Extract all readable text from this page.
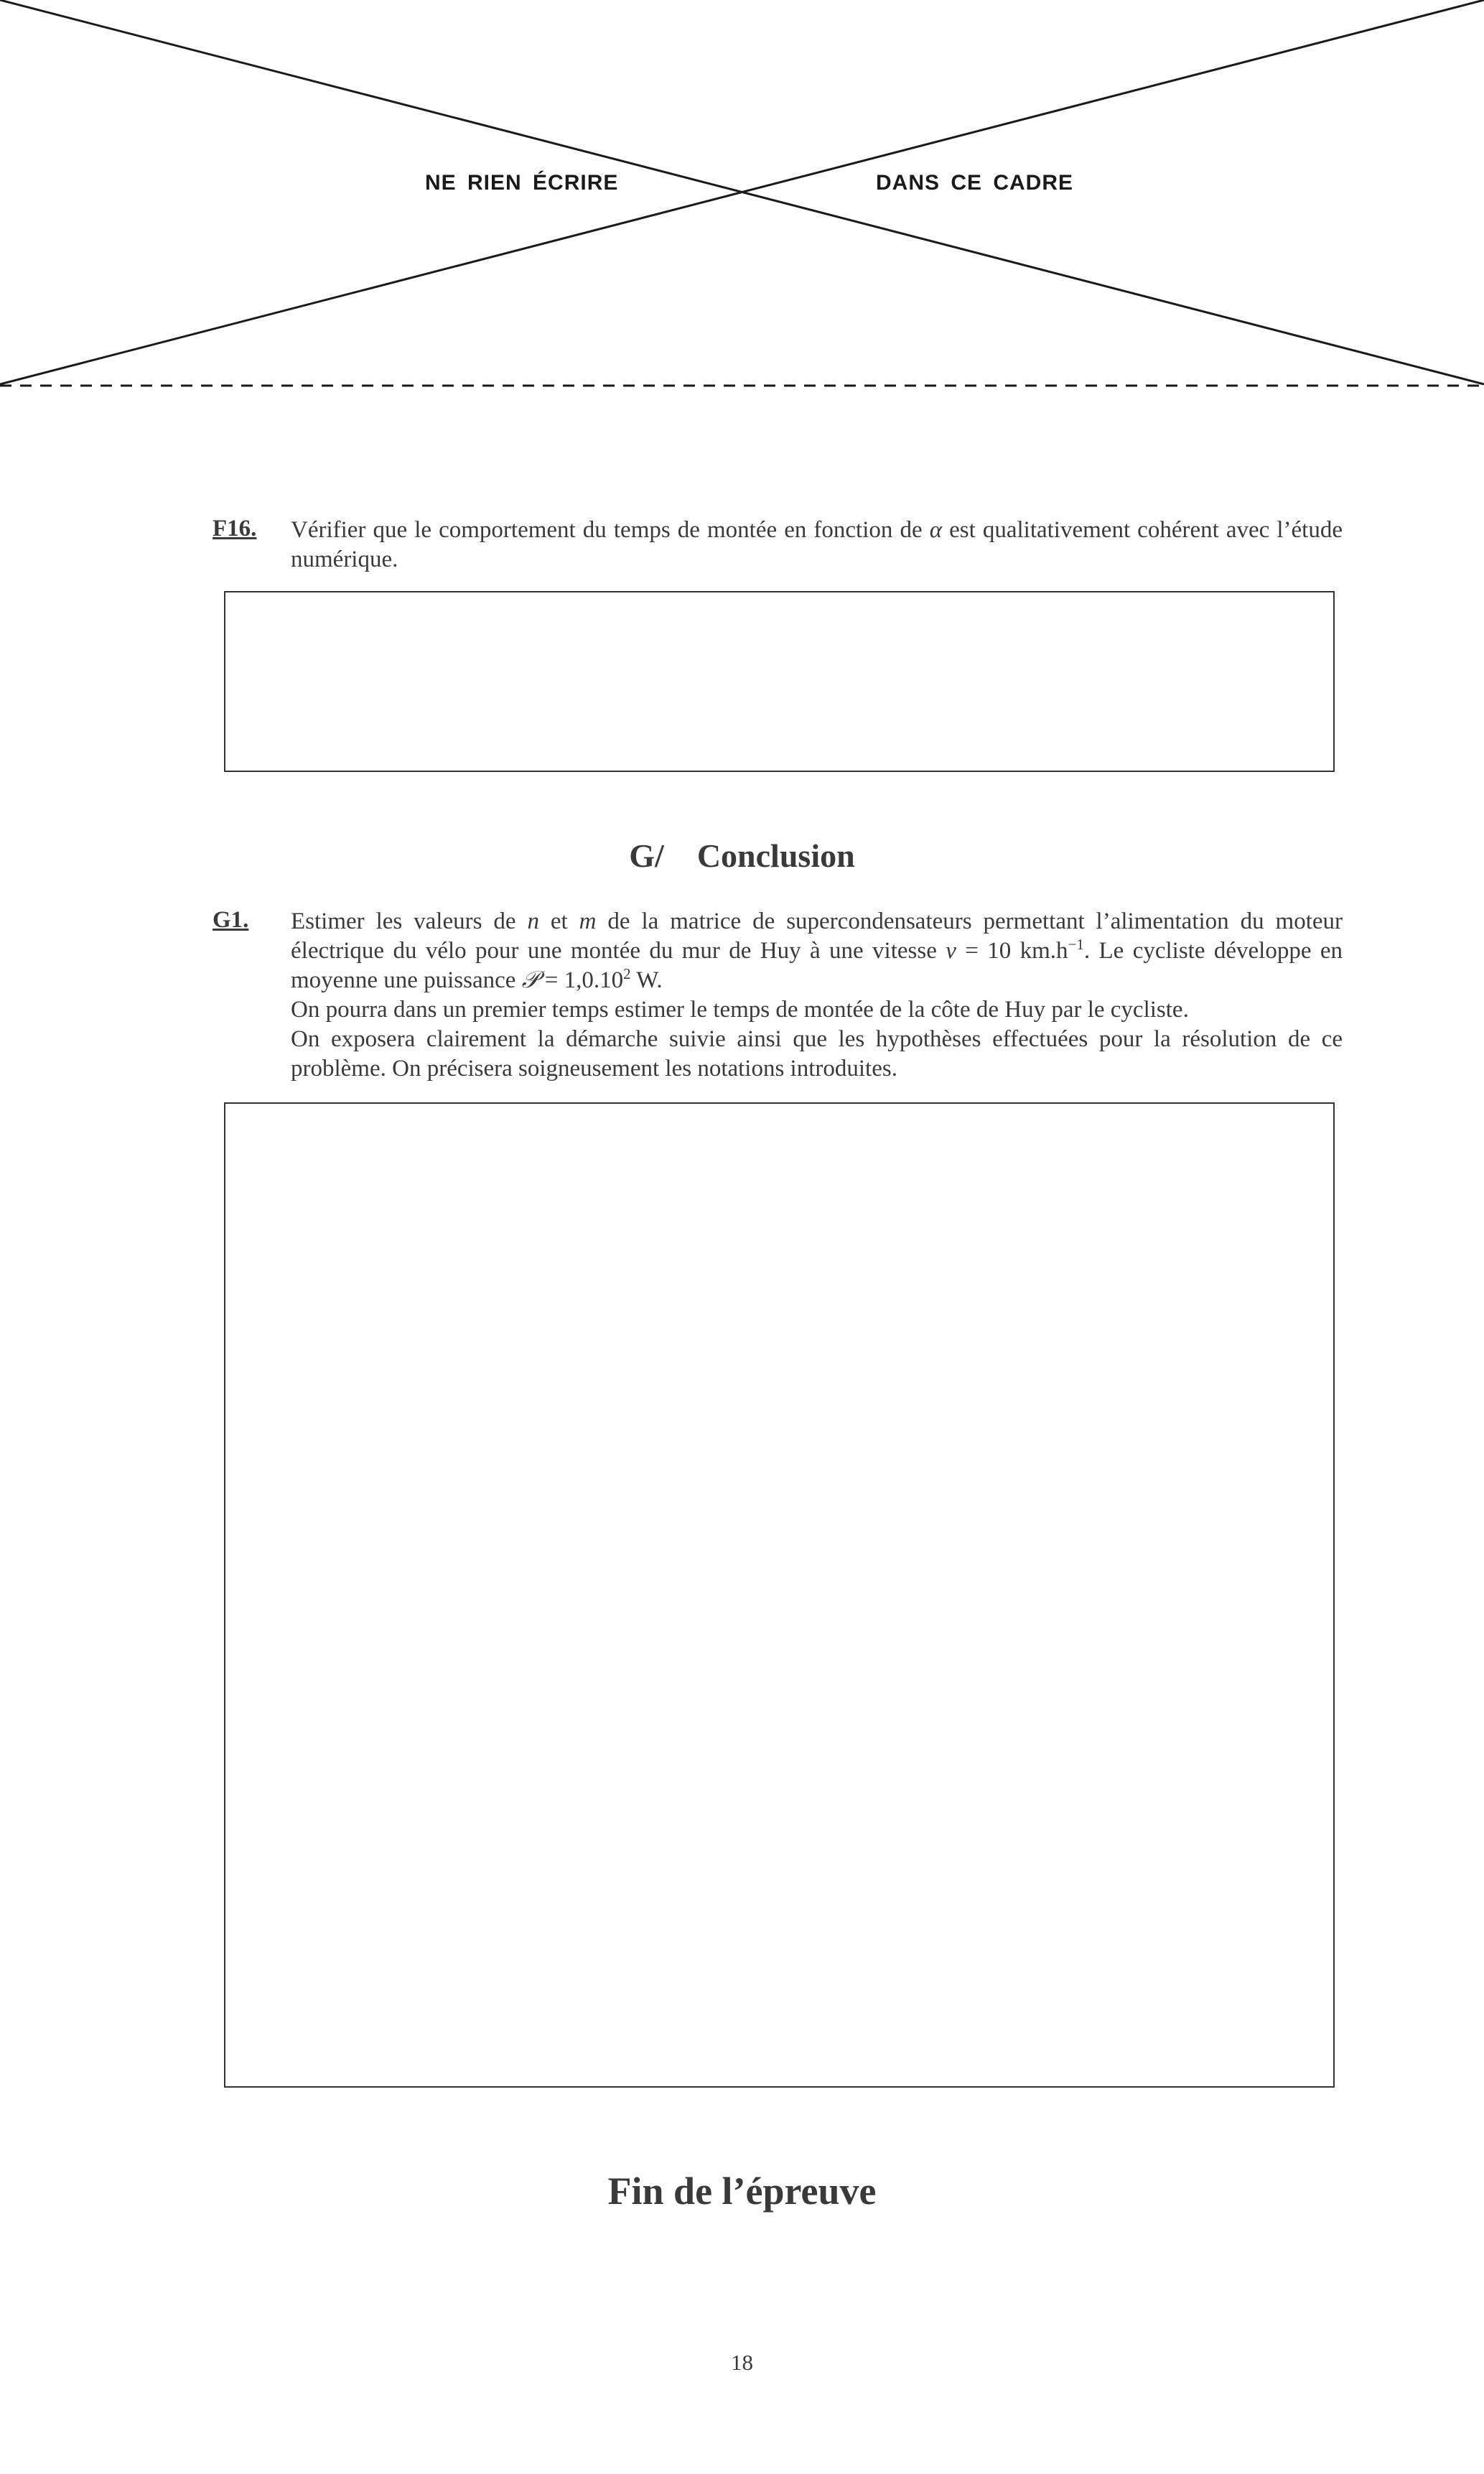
NE RIEN ÉCRIRE	DANS CE CADRE
F16. Vérifier que le comportement du temps de montée en fonction de α est qualitativement cohérent avec l’étude numérique.

G/    Conclusion
G1. Estimer les valeurs de n et m de la matrice de supercondensateurs permettant l’alimentation du moteur électrique du vélo pour une montée du mur de Huy à une vitesse v = 10 $km.h^{-1}$. Le cycliste développe en moyenne une puissance 𝒫 = $1,0.10^2$ W.

On pourra dans un premier temps estimer le temps de montée de la côte de Huy par le cycliste.

On exposera clairement la démarche suivie ainsi que les hypothèses effectuées pour la résolution de ce problème. On précisera soigneusement les notations introduites.

Fin de l’épreuve
18
